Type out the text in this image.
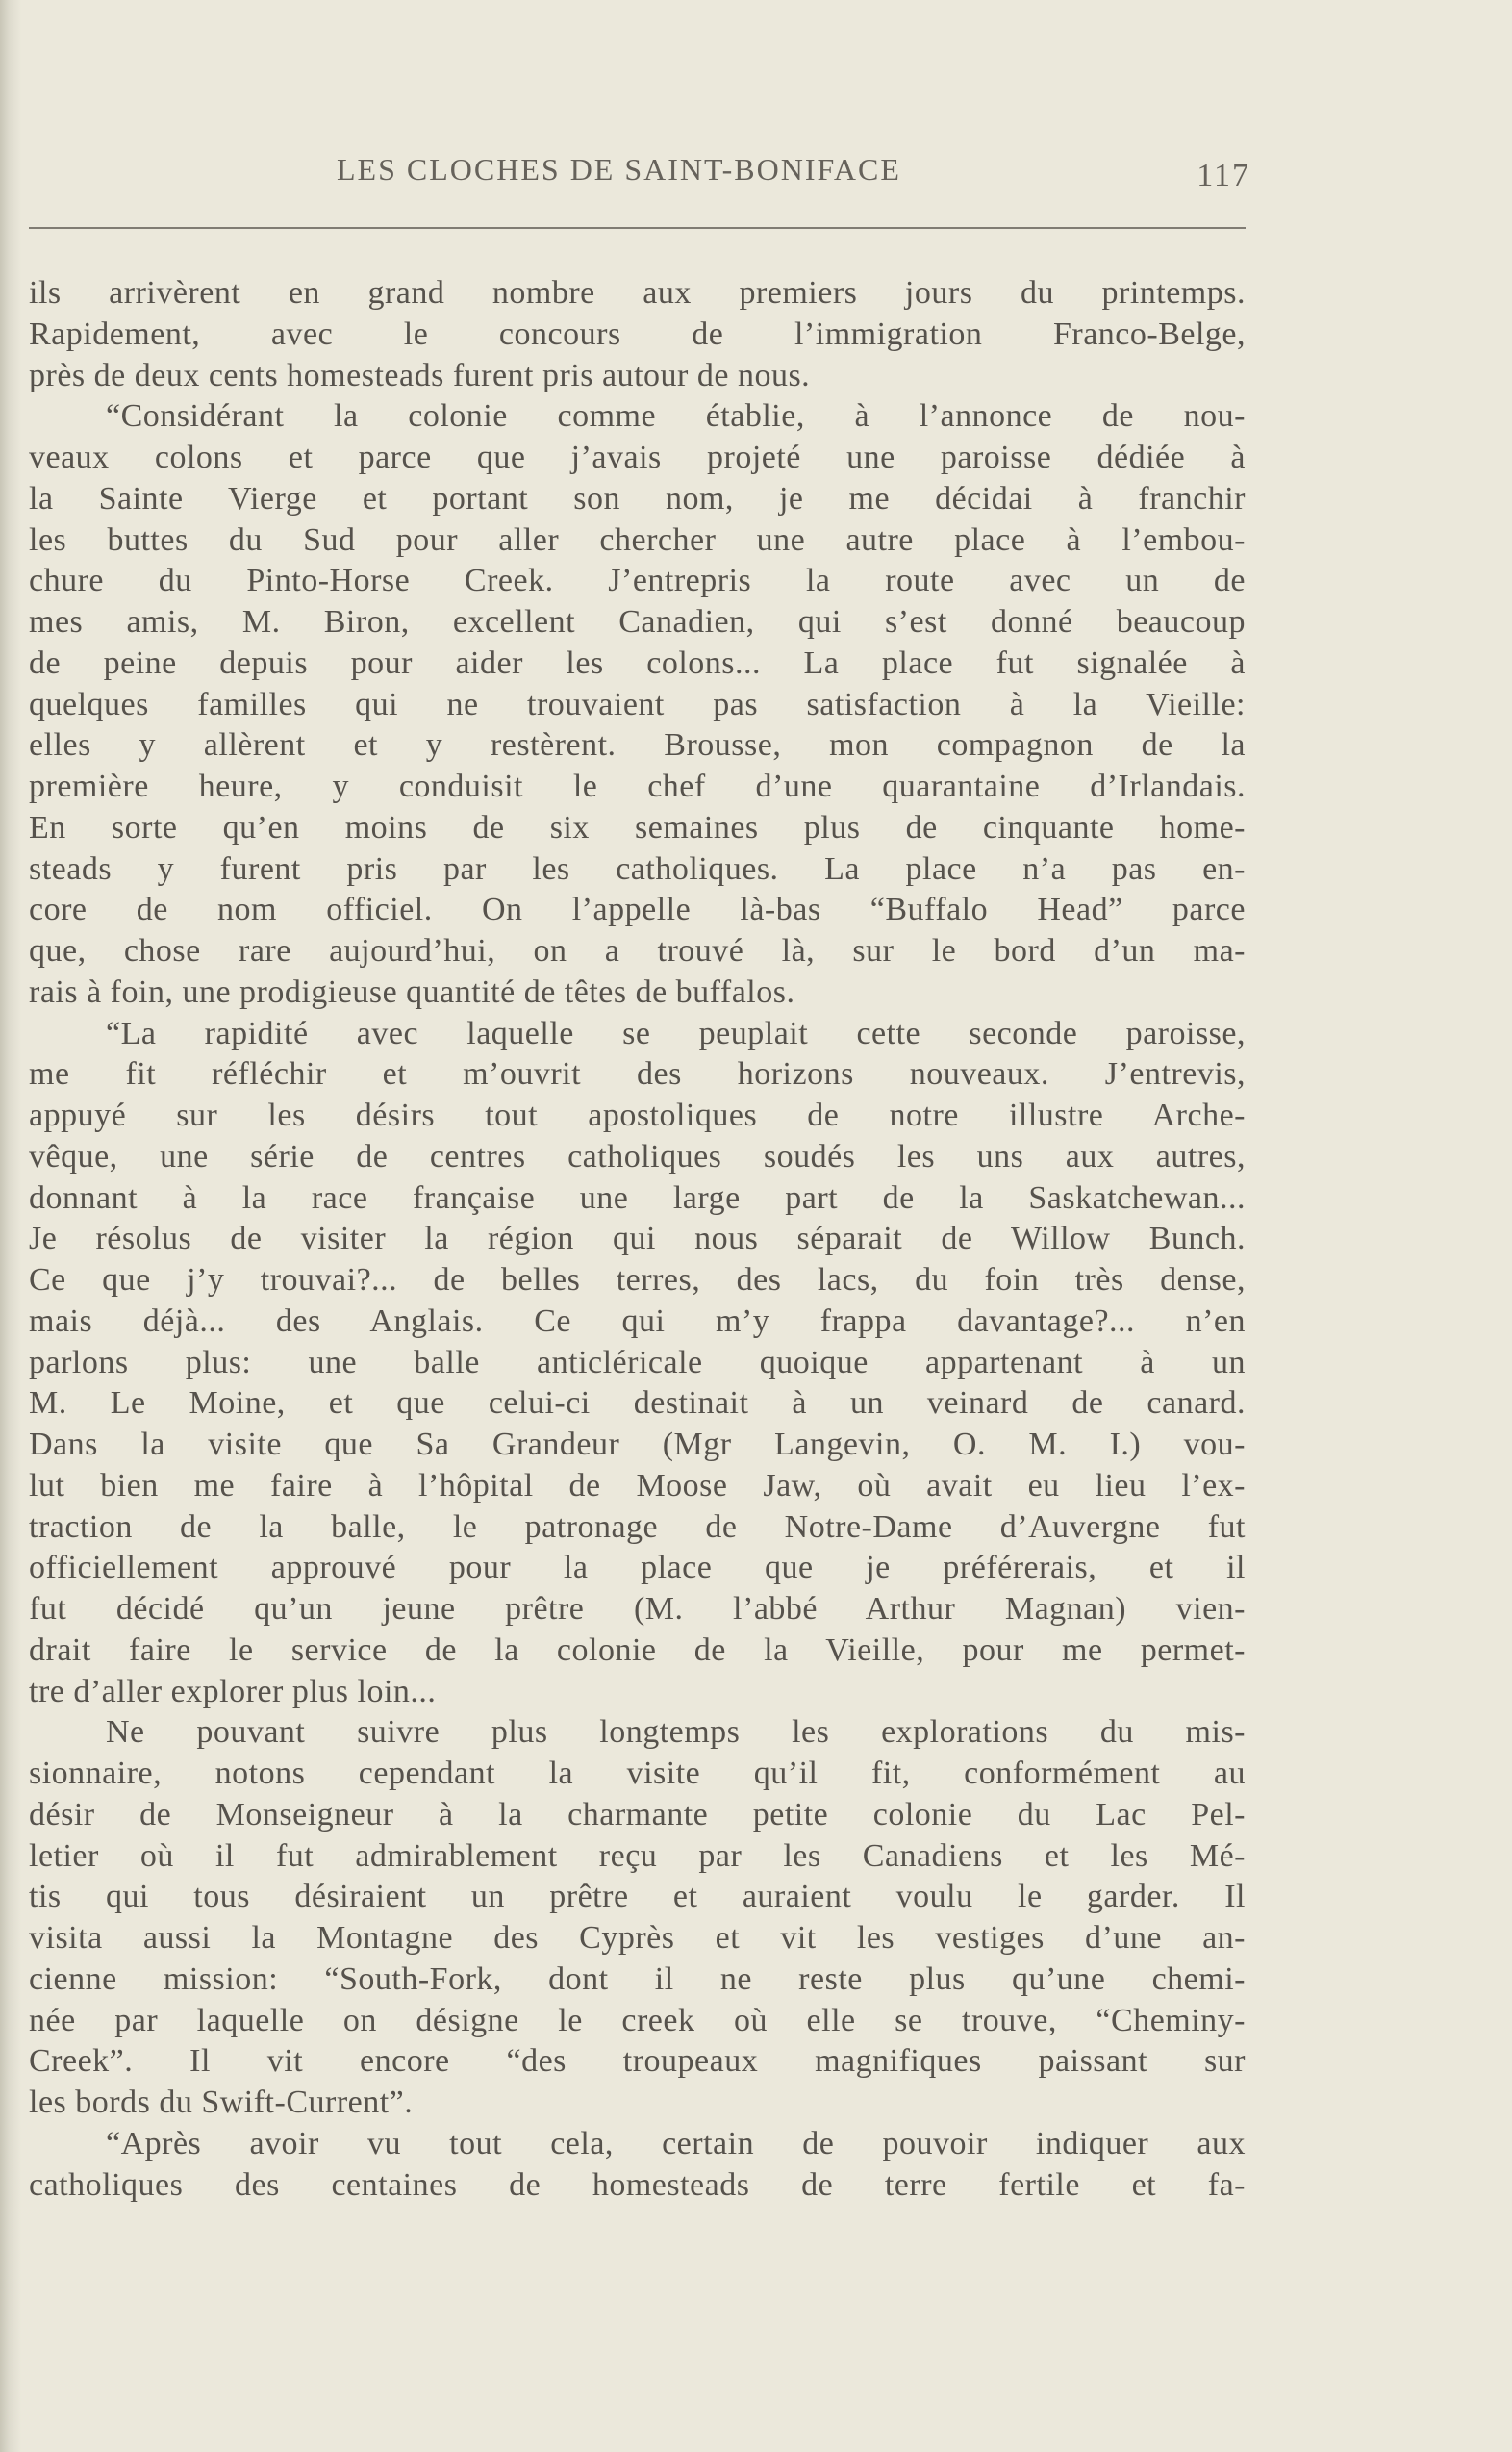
LES CLOCHES DE SAINT-BONIFACE	117
ils arrivèrent en grand nombre aux premiers jours du printemps.
Rapidement, avec le concours de l’immigration Franco-Belge,
près de deux cents homesteads furent pris autour de nous.
“Considérant la colonie comme établie, à l’annonce de nou-
veaux colons et parce que j’avais projeté une paroisse dédiée à
la Sainte Vierge et portant son nom, je me décidai à franchir
les buttes du Sud pour aller chercher une autre place à l’embou-
chure du Pinto-Horse Creek. J’entrepris la route avec un de
mes amis, M. Biron, excellent Canadien, qui s’est donné beaucoup
de peine depuis pour aider les colons... La place fut signalée à
quelques familles qui ne trouvaient pas satisfaction à la Vieille:
elles y allèrent et y restèrent. Brousse, mon compagnon de la
première heure, y conduisit le chef d’une quarantaine d’Irlandais.
En sorte qu’en moins de six semaines plus de cinquante home-
steads y furent pris par les catholiques. La place n’a pas en-
core de nom officiel. On l’appelle là-bas “Buffalo Head” parce
que, chose rare aujourd’hui, on a trouvé là, sur le bord d’un ma-
rais à foin, une prodigieuse quantité de têtes de buffalos.
“La rapidité avec laquelle se peuplait cette seconde paroisse,
me fit réfléchir et m’ouvrit des horizons nouveaux. J’entrevis,
appuyé sur les désirs tout apostoliques de notre illustre Arche-
vêque, une série de centres catholiques soudés les uns aux autres,
donnant à la race française une large part de la Saskatchewan...
Je résolus de visiter la région qui nous séparait de Willow Bunch.
Ce que j’y trouvai?... de belles terres, des lacs, du foin très dense,
mais déjà... des Anglais. Ce qui m’y frappa davantage?... n’en
parlons plus: une balle anticléricale quoique appartenant à un
M. Le Moine, et que celui-ci destinait à un veinard de canard.
Dans la visite que Sa Grandeur (Mgr Langevin, O. M. I.) vou-
lut bien me faire à l’hôpital de Moose Jaw, où avait eu lieu l’ex-
traction de la balle, le patronage de Notre-Dame d’Auvergne fut
officiellement approuvé pour la place que je préférerais, et il
fut décidé qu’un jeune prêtre (M. l’abbé Arthur Magnan) vien-
drait faire le service de la colonie de la Vieille, pour me permet-
tre d’aller explorer plus loin...
Ne pouvant suivre plus longtemps les explorations du mis-
sionnaire, notons cependant la visite qu’il fit, conformément au
désir de Monseigneur à la charmante petite colonie du Lac Pel-
letier où il fut admirablement reçu par les Canadiens et les Mé-
tis qui tous désiraient un prêtre et auraient voulu le garder. Il
visita aussi la Montagne des Cyprès et vit les vestiges d’une an-
cienne mission: “South-Fork, dont il ne reste plus qu’une chemi-
née par laquelle on désigne le creek où elle se trouve, “Cheminy-
Creek”. Il vit encore “des troupeaux magnifiques paissant sur
les bords du Swift-Current”.
“Après avoir vu tout cela, certain de pouvoir indiquer aux
catholiques des centaines de homesteads de terre fertile et fa-
